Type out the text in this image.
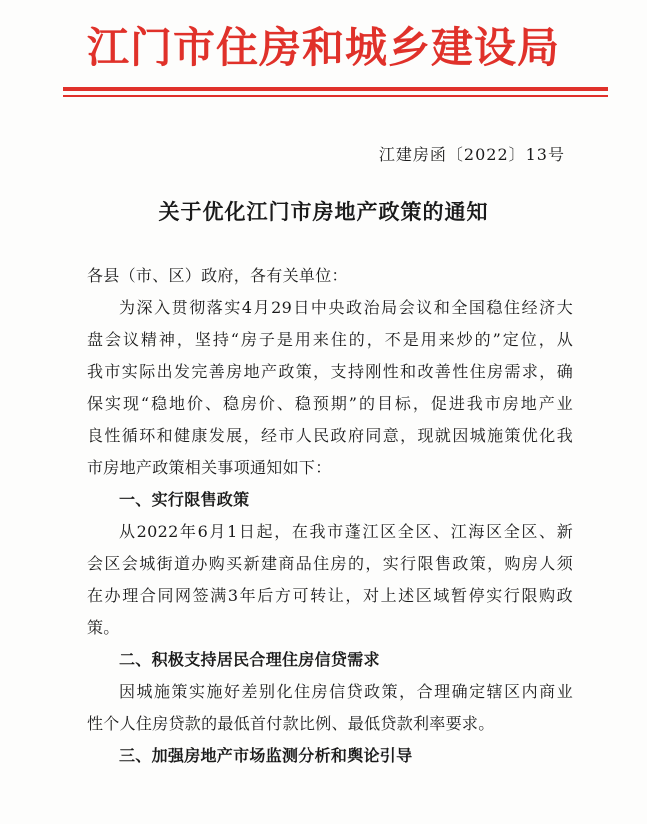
江门市住房和城乡建设局
江建房函〔2022〕13号
关于优化江门市房地产政策的通知
各县（市、区）政府，各有关单位：
为深入贯彻落实4月29日中央政治局会议和全国稳住经济大
盘会议精神，坚持“房子是用来住的，不是用来炒的”定位，从
我市实际出发完善房地产政策，支持刚性和改善性住房需求，确
保实现“稳地价、稳房价、稳预期”的目标，促进我市房地产业
良性循环和健康发展，经市人民政府同意，现就因城施策优化我
市房地产政策相关事项通知如下：
一、实行限售政策
从2022年6月1日起，在我市蓬江区全区、江海区全区、新
会区会城街道办购买新建商品住房的，实行限售政策，购房人须
在办理合同网签满3年后方可转让，对上述区域暂停实行限购政
策。
二、积极支持居民合理住房信贷需求
因城施策实施好差别化住房信贷政策，合理确定辖区内商业
性个人住房贷款的最低首付款比例、最低贷款利率要求。
三、加强房地产市场监测分析和舆论引导
